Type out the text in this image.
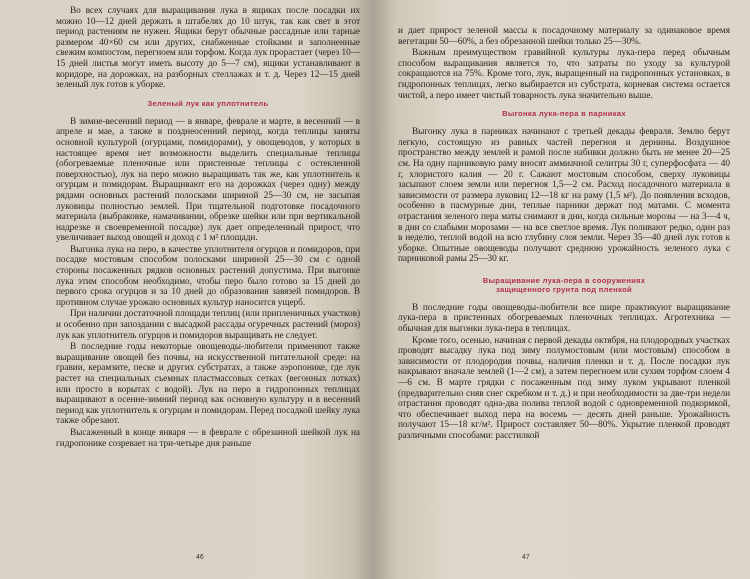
Во всех случаях для выращивания лука в ящиках после посадки их можно 10—12 дней держать в штабелях до 10 штук, так как свет в этот период растениям не нужен. Ящики берут обычные рассадные или тарные размером 40×60 см или других, снабженные стойками и заполненные свежим компостом, перегноем или торфом. Когда лук прорастает (через 10—15 дней листья могут иметь высоту до 5—7 см), ящики устанавливают в коридоре, на дорожках, на разборных стеллажах и т. д. Через 12—15 дней зеленый лук готов к уборке.

Зеленый лук как уплотнитель

В зимне-весенний период — в январе, феврале и марте, в весенний — в апреле и мае, а также в позднеосенний период, когда теплицы заняты основной культурой (огурцами, помидорами), у овощеводов, у которых в настоящее время нет возможности выделить специальные теплицы (обогреваемые пленочные или пристенные теплицы с остекленной поверхностью), лук на перо можно выращивать так же, как уплотнитель к огурцам и помидорам. Выращивают его на дорожках (через одну) между рядами основных растений полосками шириной 25—30 см, не засыпая луковицы полностью землей. При тщательной подготовке посадочного материала (выбраковке, намачивании, обрезке шейки или при вертикальной надрезке и своевременной посадке) лук дает определенный прирост, что увеличивает выход овощей и доход с 1 м² площади.

Выгонка лука на перо, в качестве уплотнителя огурцов и помидоров, при посадке мостовым способом полосками шириной 25—30 см с одной стороны посаженных рядков основных растений допустима. При выгонке лука этим способом необходимо, чтобы перо было готово за 15 дней до первого срока огурцов и за 10 дней до образования завязей помидоров. В противном случае урожаю основных культур наносится ущерб.

При наличии достаточной площади теплиц (или припленичных участков) и особенно при запоздании с высадкой рассады огуречных растений (мороз) лук как уплотнитель огурцов и помидоров выращивать не следует.

В последние годы некоторые овощеводы-любители применяют также выращивание овощей без почвы, на искусственной питательной среде: на гравии, керамзите, песке и других субстратах, а также аэропонике, где лук растет на специальных съемных пластмассовых сетках (вегонных лотках) или просто в корытах с водой). Лук на перо в гидропонных теплицах выращивают в осенне-зимний период как основную культуру и в весенний период как уплотнитель к огурцам и помидорам. Перед посадкой шейку лука также обрезают.

Высаженный в конце января — в феврале с обрезанной шейкой лук на гидропонике созревает на три-четыре дня раньше

46

и дает прирост зеленой массы к посадочному материалу за одинаковое время вегетации 50—60%, а без обрезанной шейки только 25—30%.

Важным преимуществом гравийной культуры лука-пера перед обычным способом выращивания является то, что затраты по уходу за культурой сокращаются на 75%. Кроме того, лук, выращенный на гидропонных установках, в гидропонных теплицах, легко выбирается из субстрата, корневая система остается чистой, а перо имеет чистый товарность лука значительно выше.

Выгонка лука-пера в парниках

Выгонку лука в парниках начинают с третьей декады февраля. Землю берут легкую, состоящую из равных частей перегноя и дернины. Воздушное пространство между землей и рамой после набивки должно быть не менее 20—25 см. На одну парниковую раму вносят аммиачной селитры 30 г, суперфосфата — 40 г, хлористого калия — 20 г. Сажают мостовым способом, сверху луковицы засыпают слоем земли или перегноя 1,5—2 см. Расход посадочного материала в зависимости от размера луковиц 12—18 кг на раму (1,5 м²). До появления всходов, особенно в пасмурные дни, теплые парники держат под матами. С момента отрастания зеленого пера маты снимают в дни, когда сильные морозы — на 3—4 ч, в дни со слабыми морозами — на все светлое время. Лук поливают редко, один раз в неделю, теплой водой на всю глубину слоя земли. Через 35—40 дней лук готов к уборке. Опытные овощеводы получают среднюю урожайность зеленого лука с парниковой рамы 25—30 кг.

Выращивание лука-пера в сооружениях
защищенного грунта под пленкой

В последние годы овощеводы-любители все шире практикуют выращивание лука-пера в пристенных обогреваемых пленочных теплицах. Агротехника — обычная для выгонки лука-пера в теплицах.

Кроме того, осенью, начиная с первой декады октября, на плодородных участках проводят высадку лука под зиму полумостовым (или мостовым) способом в зависимости от плодородия почвы, наличия пленки и т. д. После посадки лук накрывают вначале землей (1—2 см), а затем перегноем или сухим торфом слоем 4—6 см. В марте грядки с посаженным под зиму луком укрывают пленкой (предварительно сняв снег скребком и т. д.) и при необходимости за две-три недели отрастания проводят одна-два полива теплой водой с одновременной подкормкой, что обеспечивает выход пера на восемь — десять дней раньше. Урожайность получают 15—18 кг/м². Прирост составляет 50—80%. Укрытие пленкой проводят различными способами: расстилкой

47
